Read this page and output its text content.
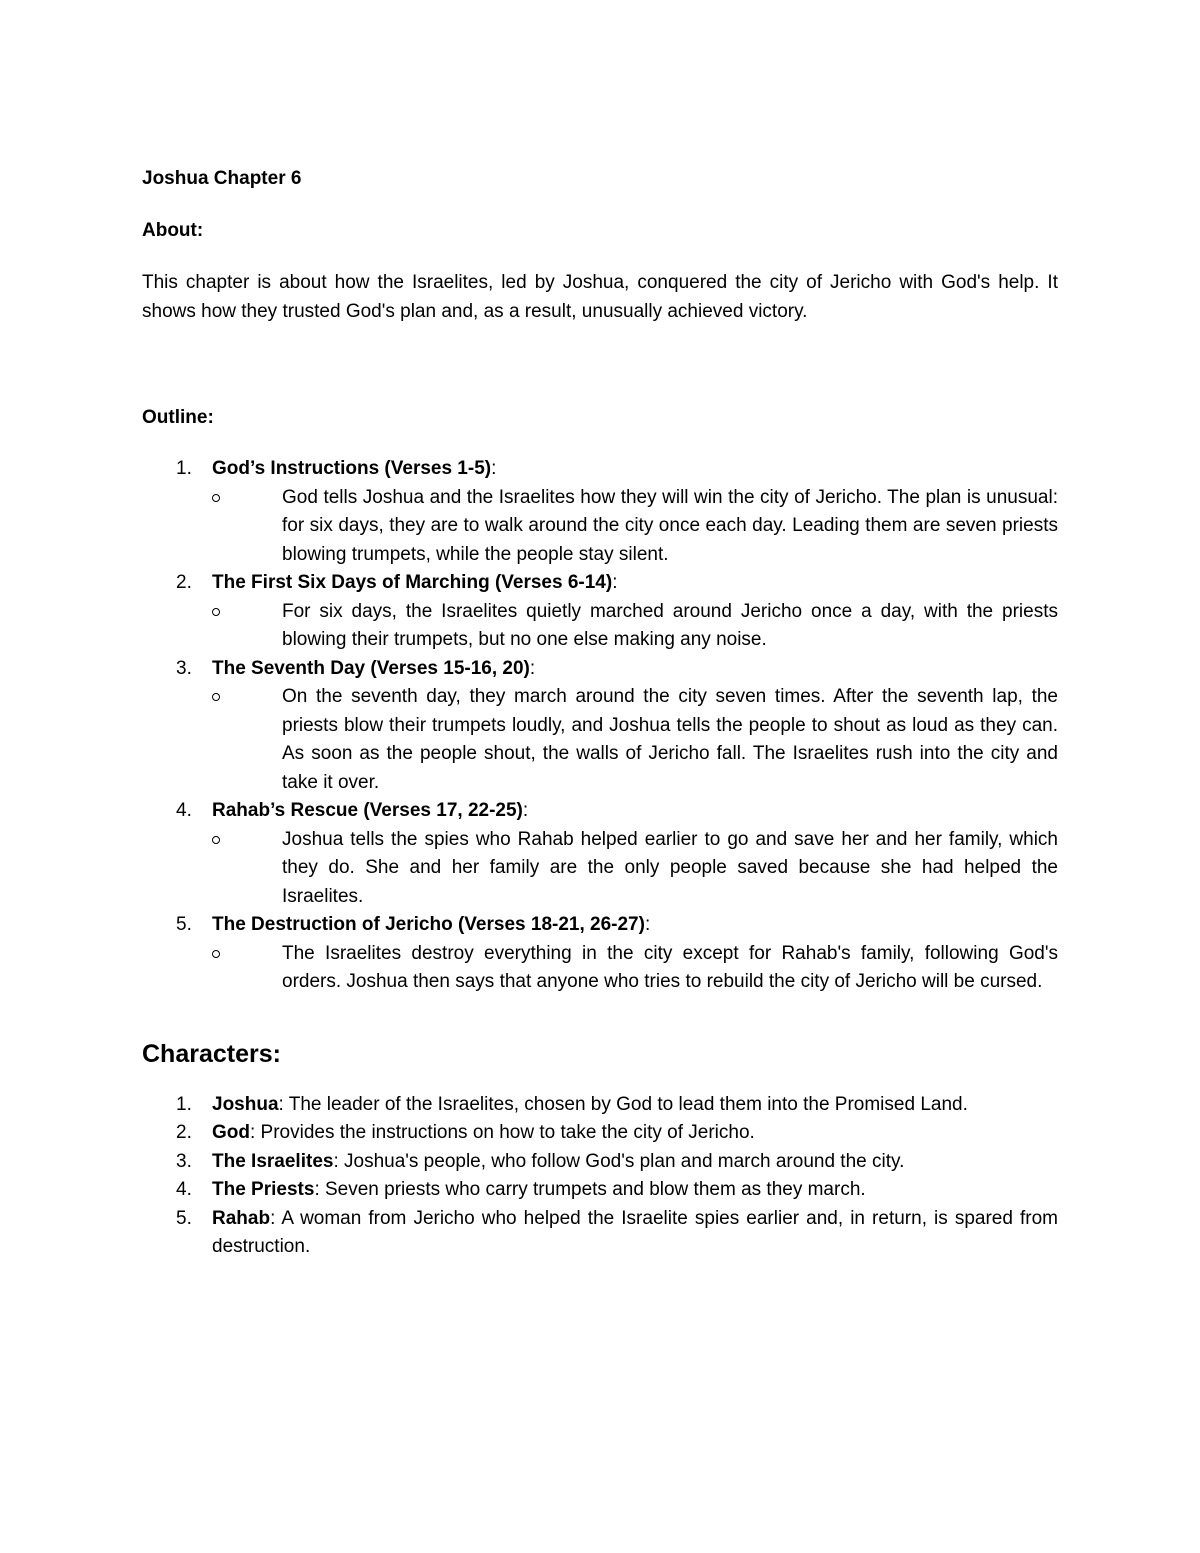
Joshua Chapter 6

About:

This chapter is about how the Israelites, led by Joshua, conquered the city of Jericho with God's help. It shows how they trusted God's plan and, as a result, unusually achieved victory.

Outline:

1. God’s Instructions (Verses 1-5):
God tells Joshua and the Israelites how they will win the city of Jericho. The plan is unusual: for six days, they are to walk around the city once each day. Leading them are seven priests blowing trumpets, while the people stay silent.
2. The First Six Days of Marching (Verses 6-14):
For six days, the Israelites quietly marched around Jericho once a day, with the priests blowing their trumpets, but no one else making any noise.
3. The Seventh Day (Verses 15-16, 20):
On the seventh day, they march around the city seven times. After the seventh lap, the priests blow their trumpets loudly, and Joshua tells the people to shout as loud as they can. As soon as the people shout, the walls of Jericho fall. The Israelites rush into the city and take it over.
4. Rahab’s Rescue (Verses 17, 22-25):
Joshua tells the spies who Rahab helped earlier to go and save her and her family, which they do. She and her family are the only people saved because she had helped the Israelites.
5. The Destruction of Jericho (Verses 18-21, 26-27):
The Israelites destroy everything in the city except for Rahab's family, following God's orders. Joshua then says that anyone who tries to rebuild the city of Jericho will be cursed.

Characters:

1. Joshua: The leader of the Israelites, chosen by God to lead them into the Promised Land.
2. God: Provides the instructions on how to take the city of Jericho.
3. The Israelites: Joshua's people, who follow God's plan and march around the city.
4. The Priests: Seven priests who carry trumpets and blow them as they march.
5. Rahab: A woman from Jericho who helped the Israelite spies earlier and, in return, is spared from destruction.
